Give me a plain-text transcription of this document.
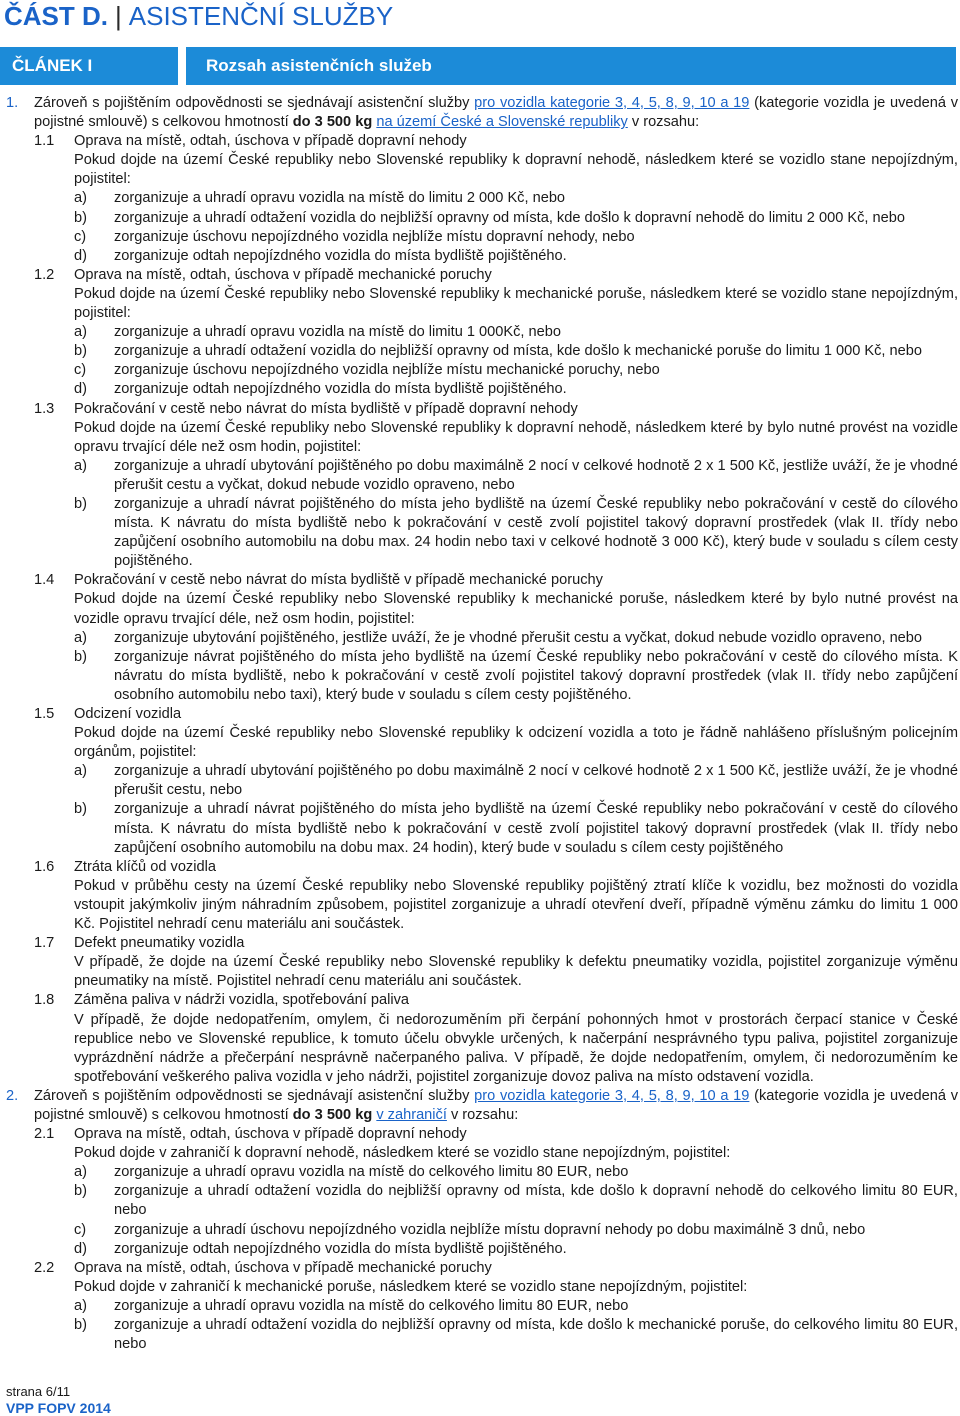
ČÁST D. | ASISTENČNÍ SLUŽBY
ČLÁNEK I	Rozsah asistenčních služeb
1.	Zároveň s pojištěním odpovědnosti se sjednávají asistenční služby pro vozidla kategorie 3, 4, 5, 8, 9, 10 a 19 (kategorie vozidla je uvedená v pojistné smlouvě) s celkovou hmotností do 3 500 kg na území České a Slovenské republiky v rozsahu:

1.1	Oprava na místě, odtah, úschova v případě dopravní nehody

Pokud dojde na území České republiky nebo Slovenské republiky k dopravní nehodě, následkem které se vozidlo stane nepojízdným, pojistitel:

a)	zorganizuje a uhradí opravu vozidla na místě do limitu 2 000 Kč, nebo

b)	zorganizuje a uhradí odtažení vozidla do nejbližší opravny od místa, kde došlo k dopravní nehodě do limitu 2 000 Kč, nebo

c)	zorganizuje úschovu nepojízdného vozidla nejblíže místu dopravní nehody, nebo

d)	zorganizuje odtah nepojízdného vozidla do místa bydliště pojištěného.

1.2	Oprava na místě, odtah, úschova v případě mechanické poruchy

Pokud dojde na území České republiky nebo Slovenské republiky k mechanické poruše, následkem které se vozidlo stane nepojízdným, pojistitel:

a)	zorganizuje a uhradí opravu vozidla na místě do limitu 1 000Kč, nebo

b)	zorganizuje a uhradí odtažení vozidla do nejbližší opravny od místa, kde došlo k mechanické poruše do limitu 1 000 Kč, nebo

c)	zorganizuje úschovu nepojízdného vozidla nejblíže místu mechanické poruchy, nebo

d)	zorganizuje odtah nepojízdného vozidla do místa bydliště pojištěného.

1.3	Pokračování v cestě nebo návrat do místa bydliště v případě dopravní nehody

Pokud dojde na území České republiky nebo Slovenské republiky k dopravní nehodě, následkem které by bylo nutné provést na vozidle opravu trvající déle než osm hodin, pojistitel:

a)	zorganizuje a uhradí ubytování pojištěného po dobu maximálně 2 nocí v celkové hodnotě 2 x 1 500 Kč, jestliže uváží, že je vhodné přerušit cestu a vyčkat, dokud nebude vozidlo opraveno, nebo

b)	zorganizuje a uhradí návrat pojištěného do místa jeho bydliště na území České republiky nebo pokračování v cestě do cílového místa. K návratu do místa bydliště nebo k pokračování v cestě zvolí pojistitel takový dopravní prostředek (vlak II. třídy nebo zapůjčení osobního automobilu na dobu max. 24 hodin nebo taxi v celkové hodnotě 3 000 Kč), který bude v souladu s cílem cesty pojištěného.

1.4	Pokračování v cestě nebo návrat do místa bydliště v případě mechanické poruchy

Pokud dojde na území České republiky nebo Slovenské republiky k mechanické poruše, následkem které by bylo nutné provést na vozidle opravu trvající déle, než osm hodin, pojistitel:

a)	zorganizuje ubytování pojištěného, jestliže uváží, že je vhodné přerušit cestu a vyčkat, dokud nebude vozidlo opraveno, nebo

b)	zorganizuje návrat pojištěného do místa jeho bydliště na území České republiky nebo pokračování v cestě do cílového místa. K návratu do místa bydliště, nebo k pokračování v cestě zvolí pojistitel takový dopravní prostředek (vlak II. třídy nebo zapůjčení osobního automobilu nebo taxi), který bude v souladu s cílem cesty pojištěného.

1.5	Odcizení vozidla

Pokud dojde na území České republiky nebo Slovenské republiky k odcizení vozidla a toto je řádně nahlášeno příslušným policejním orgánům, pojistitel:

a)	zorganizuje a uhradí ubytování pojištěného po dobu maximálně 2 nocí v celkové hodnotě 2 x 1 500 Kč, jestliže uváží, že je vhodné přerušit cestu, nebo

b)	zorganizuje a uhradí návrat pojištěného do místa jeho bydliště na území České republiky nebo pokračování v cestě do cílového místa. K návratu do místa bydliště nebo k pokračování v cestě zvolí pojistitel takový dopravní prostředek (vlak II. třídy nebo zapůjčení osobního automobilu na dobu max. 24 hodin), který bude v souladu s cílem cesty pojištěného

1.6	Ztráta klíčů od vozidla

Pokud v průběhu cesty na území České republiky nebo Slovenské republiky pojištěný ztratí klíče k vozidlu, bez možnosti do vozidla vstoupit jakýmkoliv jiným náhradním způsobem, pojistitel zorganizuje a uhradí otevření dveří, případně výměnu zámku do limitu 1 000 Kč. Pojistitel nehradí cenu materiálu ani součástek.

1.7	Defekt pneumatiky vozidla

V případě, že dojde na území České republiky nebo Slovenské republiky k defektu pneumatiky vozidla, pojistitel zorganizuje výměnu pneumatiky na místě. Pojistitel nehradí cenu materiálu ani součástek.

1.8	Záměna paliva v nádrži vozidla, spotřebování paliva

V případě, že dojde nedopatřením, omylem, či nedorozuměním při čerpání pohonných hmot v prostorách čerpací stanice v České republice nebo ve Slovenské republice, k tomuto účelu obvykle určených, k načerpání nesprávného typu paliva, pojistitel zorganizuje vyprázdnění nádrže a přečerpání nesprávně načerpaného paliva. V případě, že dojde nedopatřením, omylem, či nedorozuměním ke spotřebování veškerého paliva vozidla v jeho nádrži, pojistitel zorganizuje dovoz paliva na místo odstavení vozidla.

2.	Zároveň s pojištěním odpovědnosti se sjednávají asistenční služby pro vozidla kategorie 3, 4, 5, 8, 9, 10 a 19 (kategorie vozidla je uvedená v pojistné smlouvě) s celkovou hmotností do 3 500 kg v zahraničí v rozsahu:

2.1	Oprava na místě, odtah, úschova v případě dopravní nehody

Pokud dojde v zahraničí k dopravní nehodě, následkem které se vozidlo stane nepojízdným, pojistitel:

a)	zorganizuje a uhradí opravu vozidla na místě do celkového limitu 80 EUR, nebo

b)	zorganizuje a uhradí odtažení vozidla do nejbližší opravny od místa, kde došlo k dopravní nehodě do celkového limitu 80 EUR, nebo

c)	zorganizuje a uhradí úschovu nepojízdného vozidla nejblíže místu dopravní nehody po dobu maximálně 3 dnů, nebo

d)	zorganizuje odtah nepojízdného vozidla do místa bydliště pojištěného.

2.2	Oprava na místě, odtah, úschova v případě mechanické poruchy

Pokud dojde v zahraničí k mechanické poruše, následkem které se vozidlo stane nepojízdným, pojistitel:

a)	zorganizuje a uhradí opravu vozidla na místě do celkového limitu 80 EUR, nebo

b)	zorganizuje a uhradí odtažení vozidla do nejbližší opravny od místa, kde došlo k mechanické poruše, do celkového limitu 80 EUR, nebo

strana 6/11
VPP FOPV 2014
